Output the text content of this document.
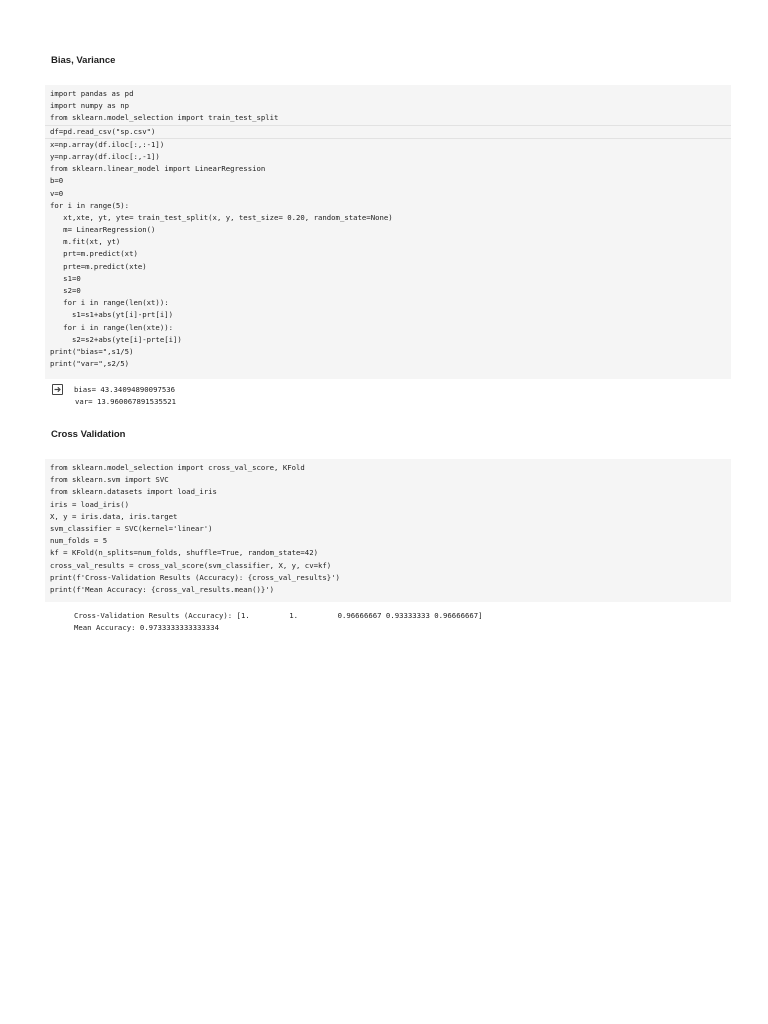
Bias, Variance
import pandas as pd
import numpy as np
from sklearn.model_selection import train_test_split
df=pd.read_csv("sp.csv")
x=np.array(df.iloc[:,:-1])
y=np.array(df.iloc[:,-1])
from sklearn.linear_model import LinearRegression
b=0
v=0
for i in range(5):
xt,xte, yt, yte= train_test_split(x, y, test_size= 0.20, random_state=None)
m= LinearRegression()
m.fit(xt, yt)
prt=m.predict(xt)
prte=m.predict(xte)
s1=0
s2=0
for i in range(len(xt)):
s1=s1+abs(yt[i]-prt[i])
for i in range(len(xte)):
s2=s2+abs(yte[i]-prte[i])
print("bias=",s1/5)
print("var=",s2/5)
bias= 43.34094890097536
var= 13.960067891535521
Cross Validation
from sklearn.model_selection import cross_val_score, KFold
from sklearn.svm import SVC
from sklearn.datasets import load_iris
iris = load_iris()
X, y = iris.data, iris.target
svm_classifier = SVC(kernel='linear')
num_folds = 5
kf = KFold(n_splits=num_folds, shuffle=True, random_state=42)
cross_val_results = cross_val_score(svm_classifier, X, y, cv=kf)
print(f'Cross-Validation Results (Accuracy): {cross_val_results}')
print(f'Mean Accuracy: {cross_val_results.mean()}')
Cross-Validation Results (Accuracy): [1.         1.         0.96666667 0.93333333 0.96666667]
Mean Accuracy: 0.9733333333333334
